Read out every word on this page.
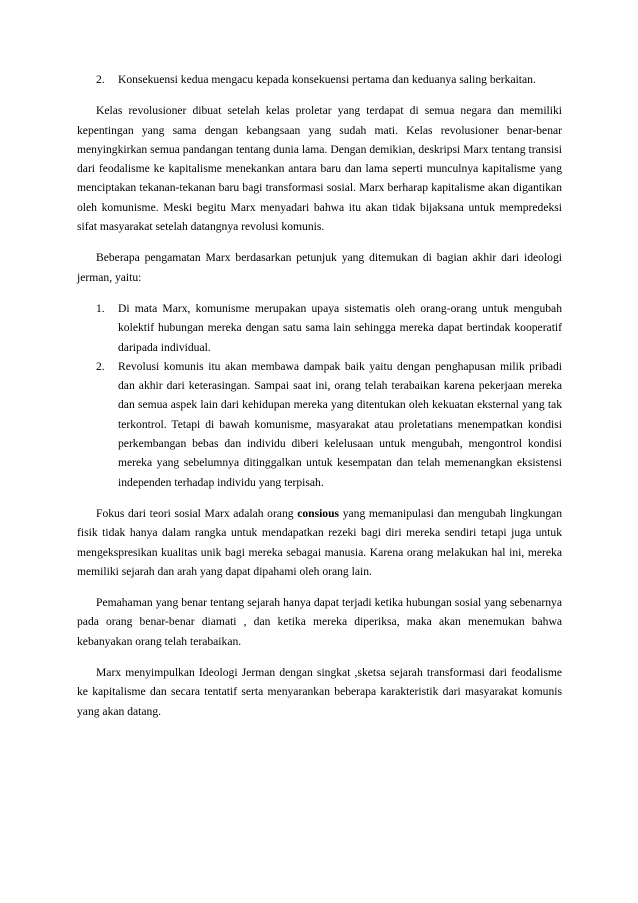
2. Konsekuensi kedua mengacu kepada konsekuensi pertama dan keduanya saling berkaitan.

Kelas revolusioner dibuat setelah kelas proletar yang terdapat di semua negara dan memiliki kepentingan yang sama dengan kebangsaan yang sudah mati. Kelas revolusioner benar-benar menyingkirkan semua pandangan tentang dunia lama. Dengan demikian, deskripsi Marx tentang transisi dari feodalisme ke kapitalisme menekankan antara baru dan lama seperti munculnya kapitalisme yang menciptakan tekanan-tekanan baru bagi transformasi sosial. Marx berharap kapitalisme akan digantikan oleh komunisme. Meski begitu Marx menyadari bahwa itu akan tidak bijaksana untuk mempredeksi sifat masyarakat setelah datangnya revolusi komunis.

Beberapa pengamatan Marx berdasarkan petunjuk yang ditemukan di bagian akhir dari ideologi jerman, yaitu:

1. Di mata Marx, komunisme merupakan upaya sistematis oleh orang-orang untuk mengubah kolektif hubungan mereka dengan satu sama lain sehingga mereka dapat bertindak kooperatif daripada individual.
2. Revolusi komunis itu akan membawa dampak baik yaitu dengan penghapusan milik pribadi dan akhir dari keterasingan. Sampai saat ini, orang telah terabaikan karena pekerjaan mereka dan semua aspek lain dari kehidupan mereka yang ditentukan oleh kekuatan eksternal yang tak terkontrol. Tetapi di bawah komunisme, masyarakat atau proletatians menempatkan kondisi perkembangan bebas dan individu diberi kelelusaan untuk mengubah, mengontrol kondisi mereka yang sebelumnya ditinggalkan untuk kesempatan dan telah memenangkan eksistensi independen terhadap individu yang terpisah.

Fokus dari teori sosial Marx adalah orang consious yang memanipulasi dan mengubah lingkungan fisik tidak hanya dalam rangka untuk mendapatkan rezeki bagi diri mereka sendiri tetapi juga untuk mengekspresikan kualitas unik bagi mereka sebagai manusia. Karena orang melakukan hal ini, mereka memiliki sejarah dan arah yang dapat dipahami oleh orang lain.

Pemahaman yang benar tentang sejarah hanya dapat terjadi ketika hubungan sosial yang sebenarnya pada orang benar-benar diamati , dan ketika mereka diperiksa, maka akan menemukan bahwa kebanyakan orang telah terabaikan.

Marx menyimpulkan Ideologi Jerman dengan singkat ,sketsa sejarah transformasi dari feodalisme ke kapitalisme dan secara tentatif serta menyarankan beberapa karakteristik dari masyarakat komunis yang akan datang.
